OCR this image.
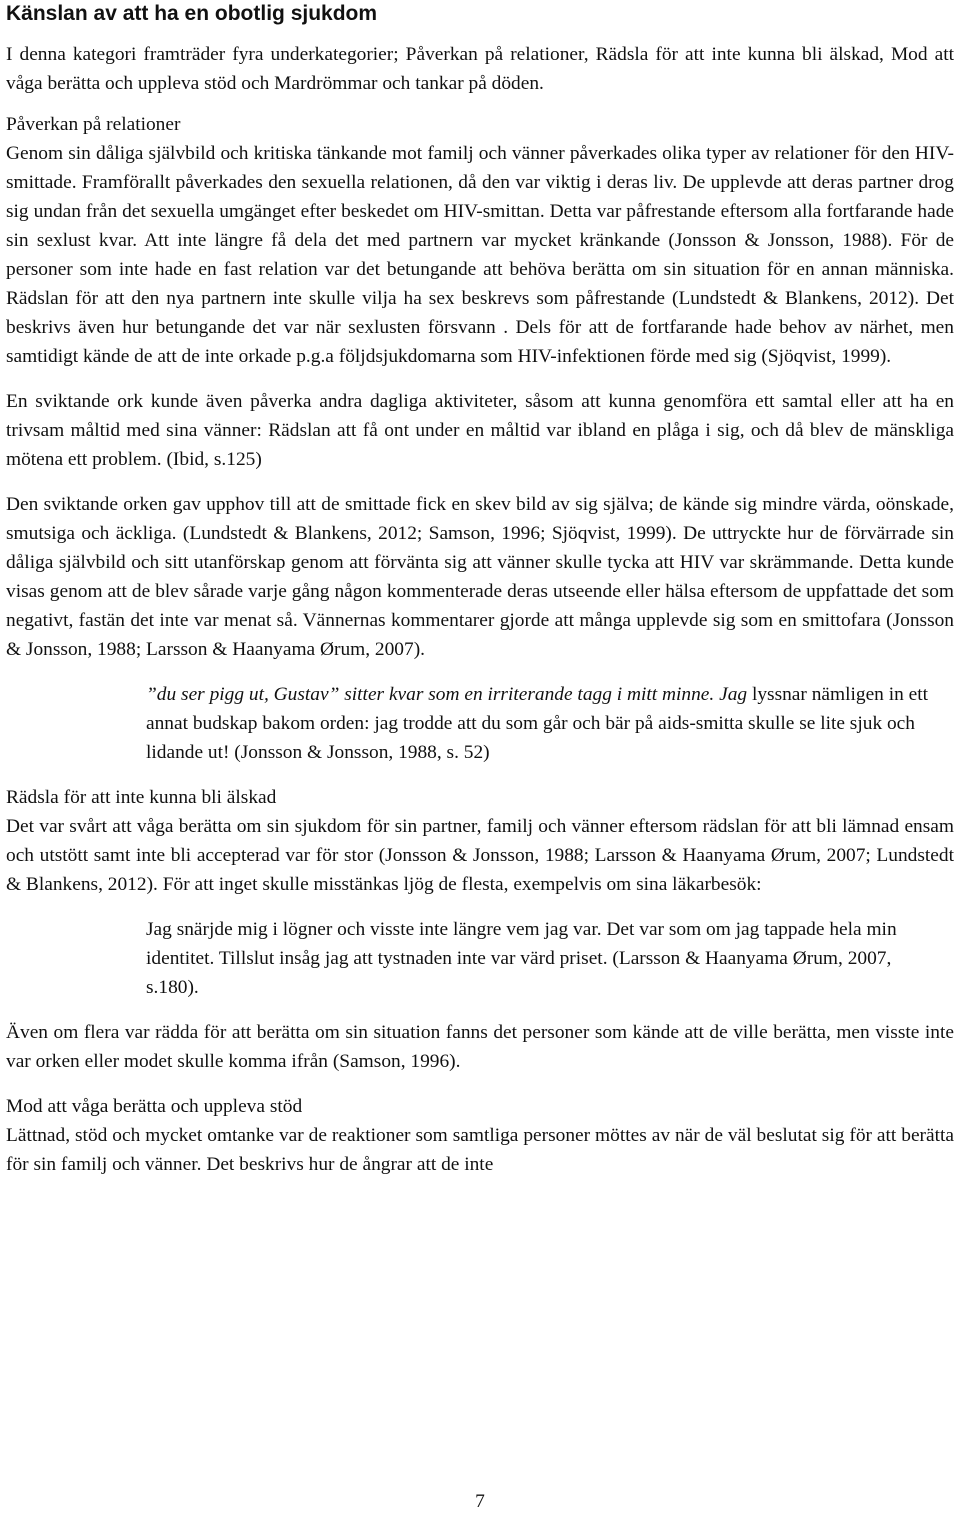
Känslan av att ha en obotlig sjukdom

I denna kategori framträder fyra underkategorier; Påverkan på relationer, Rädsla för att inte kunna bli älskad, Mod att våga berätta och uppleva stöd och Mardrömmar och tankar på döden.

Påverkan på relationer

Genom sin dåliga självbild och kritiska tänkande mot familj och vänner påverkades olika typer av relationer för den HIV-smittade. Framförallt påverkades den sexuella relationen, då den var viktig i deras liv. De upplevde att deras partner drog sig undan från det sexuella umgänget efter beskedet om HIV-smittan. Detta var påfrestande eftersom alla fortfarande hade sin sexlust kvar. Att inte längre få dela det med partnern var mycket kränkande (Jonsson & Jonsson, 1988). För de personer som inte hade en fast relation var det betungande att behöva berätta om sin situation för en annan människa. Rädslan för att den nya partnern inte skulle vilja ha sex beskrevs som påfrestande (Lundstedt & Blankens, 2012). Det beskrivs även hur betungande det var när sexlusten försvann . Dels för att de fortfarande hade behov av närhet, men samtidigt kände de att de inte orkade p.g.a följdsjukdomarna som HIV-infektionen förde med sig (Sjöqvist, 1999).

En sviktande ork kunde även påverka andra dagliga aktiviteter, såsom att kunna genomföra ett samtal eller att ha en trivsam måltid med sina vänner: Rädslan att få ont under en måltid var ibland en plåga i sig, och då blev de mänskliga mötena ett problem. (Ibid, s.125)

Den sviktande orken gav upphov till att de smittade fick en skev bild av sig själva; de kände sig mindre värda, oönskade, smutsiga och äckliga. (Lundstedt & Blankens, 2012; Samson, 1996; Sjöqvist, 1999). De uttryckte hur de förvärrade sin dåliga självbild och sitt utanförskap genom att förvänta sig att vänner skulle tycka att HIV var skrämmande. Detta kunde visas genom att de blev sårade varje gång någon kommenterade deras utseende eller hälsa eftersom de uppfattade det som negativt, fastän det inte var menat så. Vännernas kommentarer gjorde att många upplevde sig som en smittofara (Jonsson & Jonsson, 1988; Larsson & Haanyama Ørum, 2007).

”du ser pigg ut, Gustav” sitter kvar som en irriterande tagg i mitt minne. Jag lyssnar nämligen in ett annat budskap bakom orden: jag trodde att du som går och bär på aids-smitta skulle se lite sjuk och lidande ut! (Jonsson & Jonsson, 1988, s. 52)

Rädsla för att inte kunna bli älskad

Det var svårt att våga berätta om sin sjukdom för sin partner, familj och vänner eftersom rädslan för att bli lämnad ensam och utstött samt inte bli accepterad var för stor (Jonsson & Jonsson, 1988; Larsson & Haanyama Ørum, 2007; Lundstedt & Blankens, 2012). För att inget skulle misstänkas ljög de flesta, exempelvis om sina läkarbesök:

Jag snärjde mig i lögner och visste inte längre vem jag var. Det var som om jag tappade hela min identitet. Tillslut insåg jag att tystnaden inte var värd priset. (Larsson & Haanyama Ørum, 2007, s.180).

Även om flera var rädda för att berätta om sin situation fanns det personer som kände att de ville berätta, men visste inte var orken eller modet skulle komma ifrån (Samson, 1996).

Mod att våga berätta och uppleva stöd

Lättnad, stöd och mycket omtanke var de reaktioner som samtliga personer möttes av när de väl beslutat sig för att berätta för sin familj och vänner. Det beskrivs hur de ångrar att de inte

7
